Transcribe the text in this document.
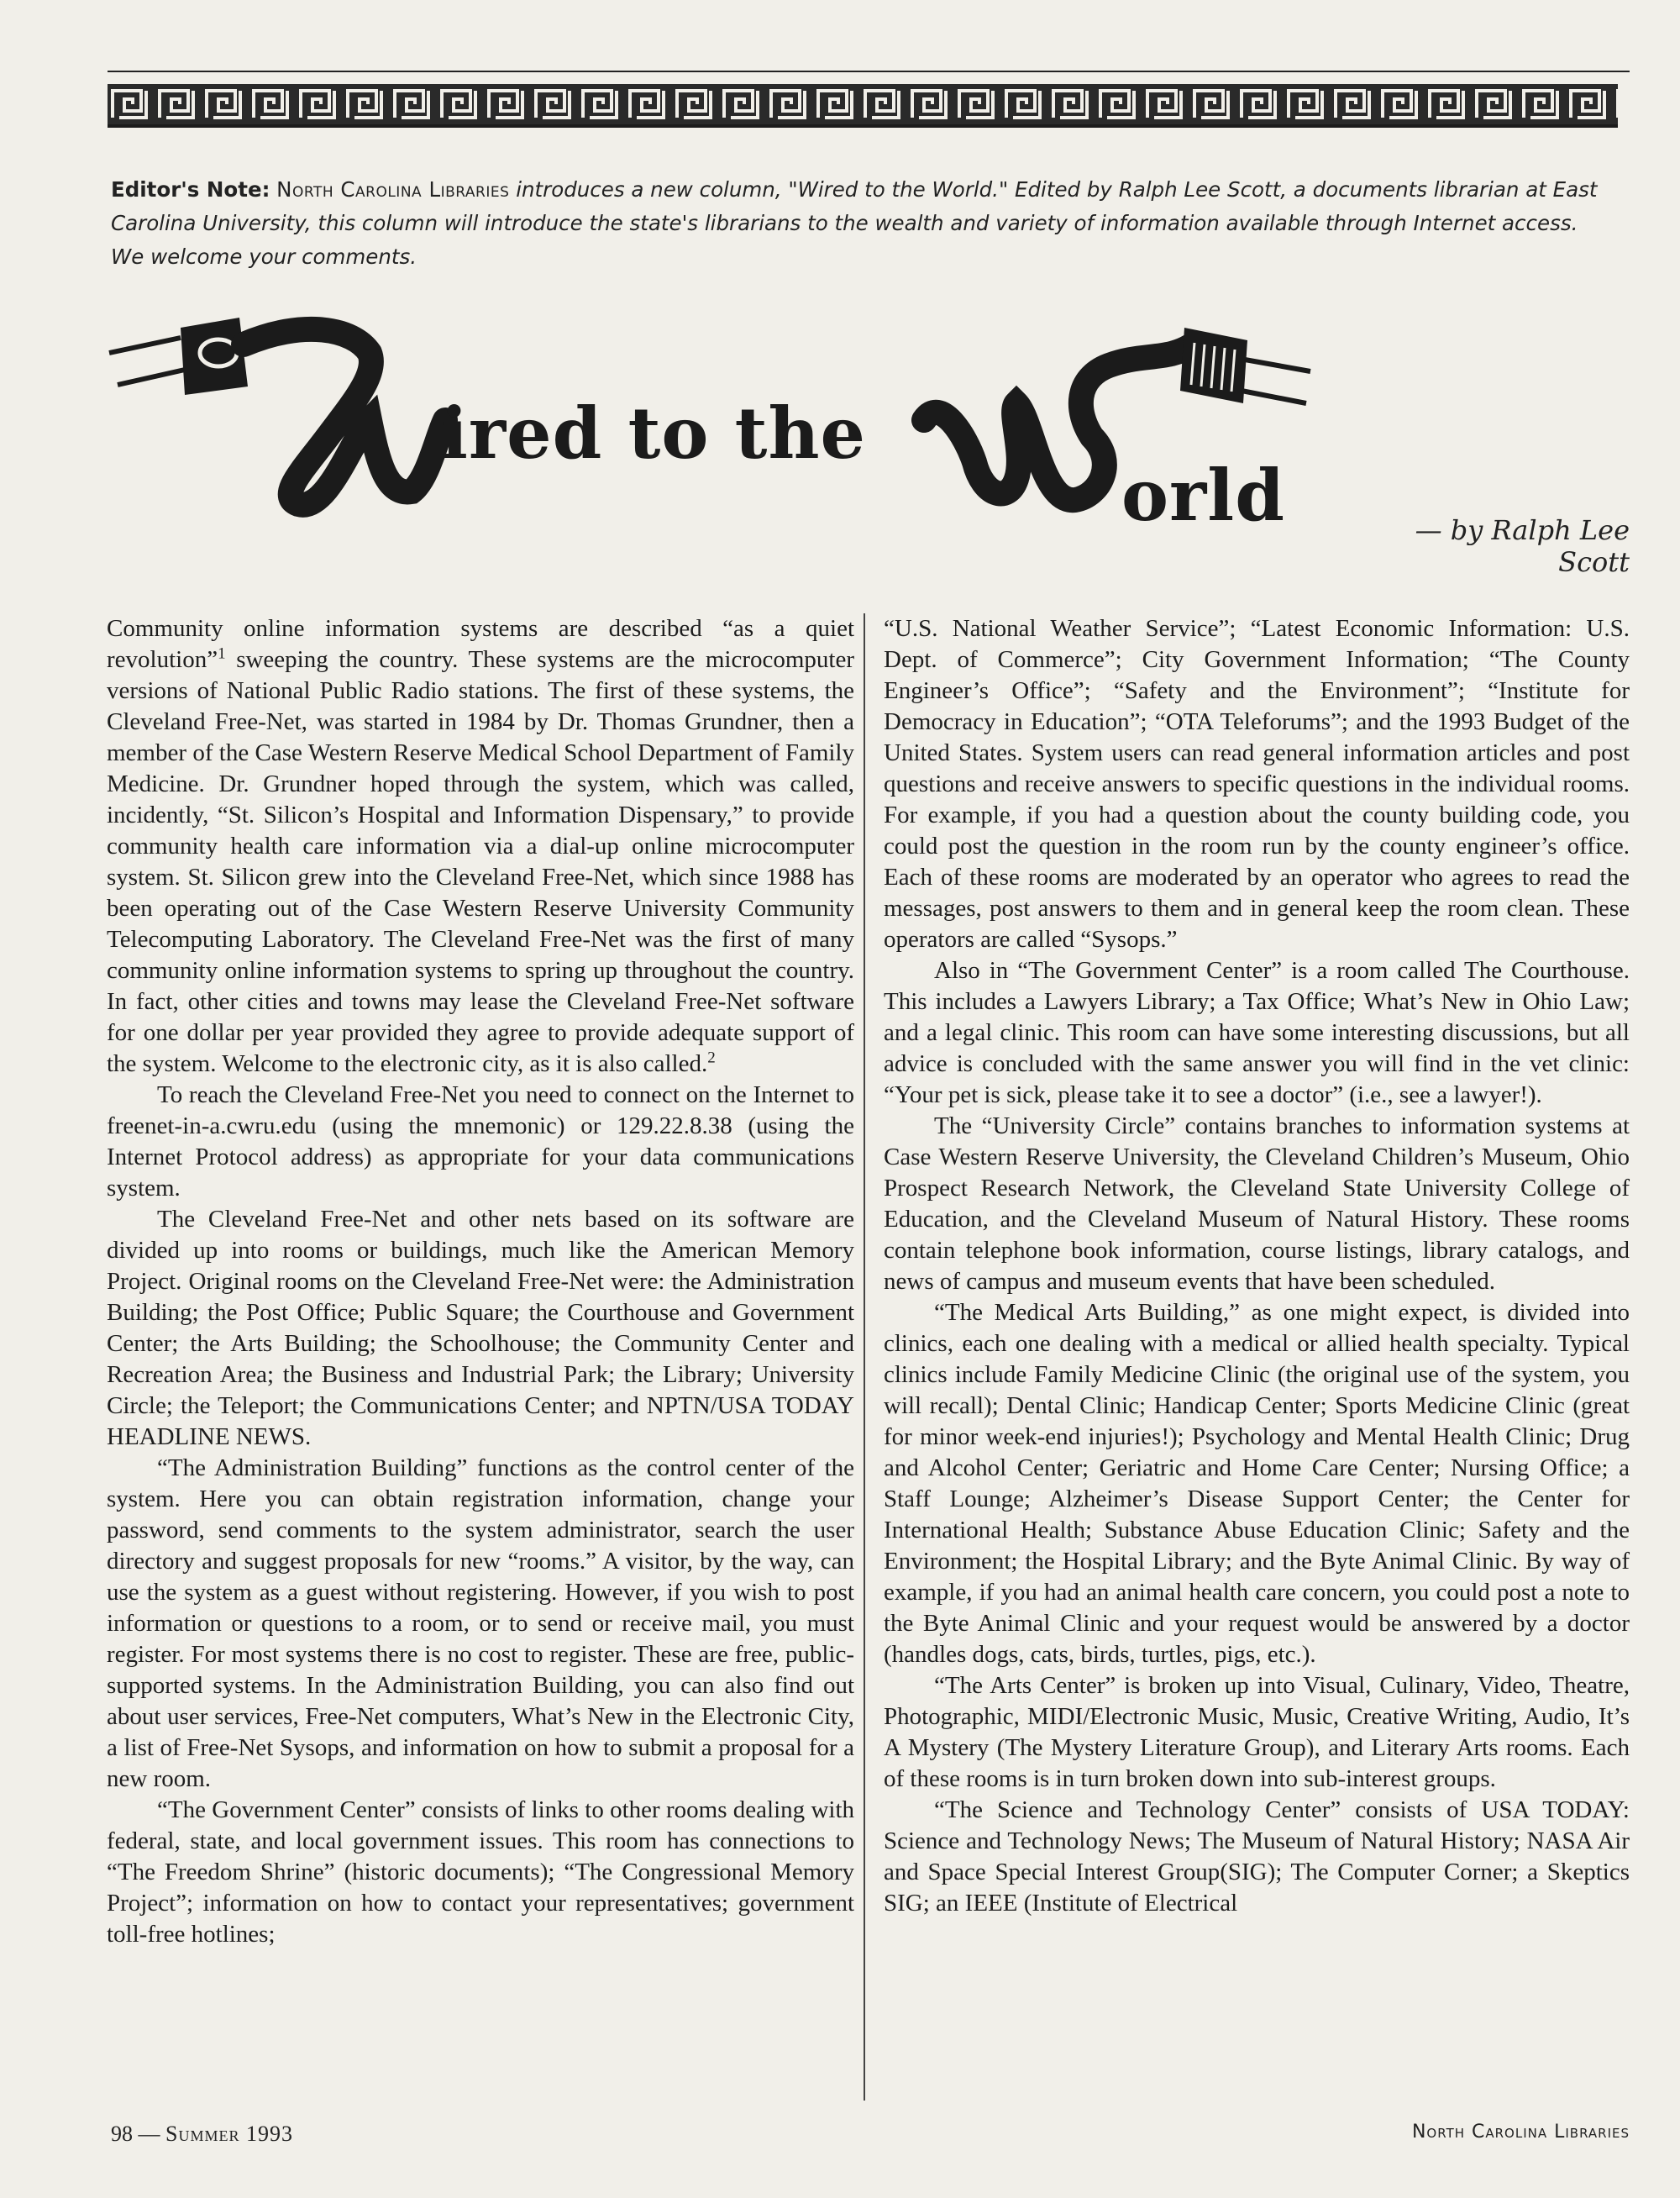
Editor's Note: North Carolina Libraries introduces a new column, "Wired to the World." Edited by Ralph Lee Scott, a documents librarian at East Carolina University, this column will introduce the state's librarians to the wealth and variety of information available through Internet access. We welcome your comments.
ired to the
orld	— by Ralph Lee Scott

Community online information systems are described “as a quiet revolution”$^1$ sweeping the country. These systems are the microcomputer versions of National Public Radio stations. The first of these systems, the Cleveland Free-Net, was started in 1984 by Dr. Thomas Grundner, then a member of the Case Western Reserve Medical School Department of Family Medicine. Dr. Grundner hoped through the system, which was called, incidently, “St. Silicon’s Hospital and Information Dispensary,” to provide community health care information via a dial-up online microcomputer system. St. Silicon grew into the Cleveland Free-Net, which since 1988 has been operating out of the Case Western Reserve University Community Telecomputing Laboratory. The Cleveland Free-Net was the first of many community online information systems to spring up throughout the country. In fact, other cities and towns may lease the Cleveland Free-Net software for one dollar per year provided they agree to provide adequate support of the system. Welcome to the electronic city, as it is also called.$^2$

To reach the Cleveland Free-Net you need to connect on the Internet to freenet-in-a.cwru.edu (using the mnemonic) or 129.22.8.38 (using the Internet Protocol address) as appropriate for your data communications system.

The Cleveland Free-Net and other nets based on its software are divided up into rooms or buildings, much like the American Memory Project. Original rooms on the Cleveland Free-Net were: the Administration Building; the Post Office; Public Square; the Courthouse and Government Center; the Arts Building; the Schoolhouse; the Community Center and Recreation Area; the Business and Industrial Park; the Library; University Circle; the Teleport; the Communications Center; and NPTN/USA TODAY HEADLINE NEWS.

“The Administration Building” functions as the control center of the system. Here you can obtain registration information, change your password, send comments to the system administrator, search the user directory and suggest proposals for new “rooms.” A visitor, by the way, can use the system as a guest without registering. However, if you wish to post information or questions to a room, or to send or receive mail, you must register. For most systems there is no cost to register. These are free, public-supported systems. In the Administration Building, you can also find out about user services, Free-Net computers, What’s New in the Electronic City, a list of Free-Net Sysops, and information on how to submit a proposal for a new room.

“The Government Center” consists of links to other rooms dealing with federal, state, and local government issues. This room has connections to “The Freedom Shrine” (historic documents); “The Congressional Memory Project”; information on how to contact your representatives; government toll-free hotlines;

“U.S. National Weather Service”; “Latest Economic Information: U.S. Dept. of Commerce”; City Government Information; “The County Engineer’s Office”; “Safety and the Environment”; “Institute for Democracy in Education”; “OTA Teleforums”; and the 1993 Budget of the United States. System users can read general information articles and post questions and receive answers to specific questions in the individual rooms. For example, if you had a question about the county building code, you could post the question in the room run by the county engineer’s office. Each of these rooms are moderated by an operator who agrees to read the messages, post answers to them and in general keep the room clean. These operators are called “Sysops.”

Also in “The Government Center” is a room called The Courthouse. This includes a Lawyers Library; a Tax Office; What’s New in Ohio Law; and a legal clinic. This room can have some interesting discussions, but all advice is concluded with the same answer you will find in the vet clinic: “Your pet is sick, please take it to see a doctor” (i.e., see a lawyer!).

The “University Circle” contains branches to information systems at Case Western Reserve University, the Cleveland Children’s Museum, Ohio Prospect Research Network, the Cleveland State University College of Education, and the Cleveland Museum of Natural History. These rooms contain telephone book information, course listings, library catalogs, and news of campus and museum events that have been scheduled.

“The Medical Arts Building,” as one might expect, is divided into clinics, each one dealing with a medical or allied health specialty. Typical clinics include Family Medicine Clinic (the original use of the system, you will recall); Dental Clinic; Handicap Center; Sports Medicine Clinic (great for minor week-end injuries!); Psychology and Mental Health Clinic; Drug and Alcohol Center; Geriatric and Home Care Center; Nursing Office; a Staff Lounge; Alzheimer’s Disease Support Center; the Center for International Health; Substance Abuse Education Clinic; Safety and the Environment; the Hospital Library; and the Byte Animal Clinic. By way of example, if you had an animal health care concern, you could post a note to the Byte Animal Clinic and your request would be answered by a doctor (handles dogs, cats, birds, turtles, pigs, etc.).

“The Arts Center” is broken up into Visual, Culinary, Video, Theatre, Photographic, MIDI/Electronic Music, Music, Creative Writing, Audio, It’s A Mystery (The Mystery Literature Group), and Literary Arts rooms. Each of these rooms is in turn broken down into sub-interest groups.

“The Science and Technology Center” consists of USA TODAY: Science and Technology News; The Museum of Natural History; NASA Air and Space Special Interest Group(SIG); The Computer Corner; a Skeptics SIG; an IEEE (Institute of Electrical

98 — Summer 1993	North Carolina Libraries
